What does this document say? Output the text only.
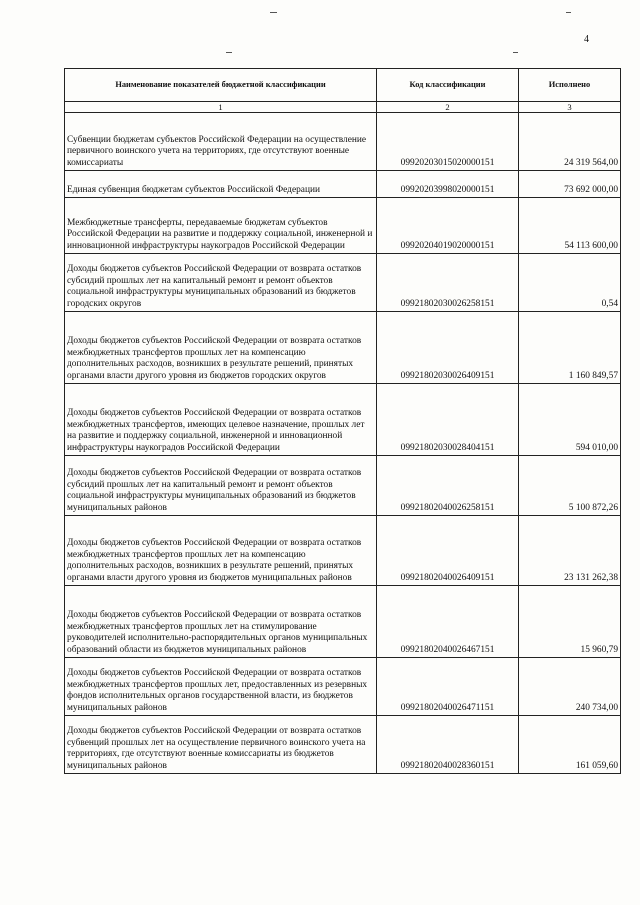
4
Наименование показателей бюджетной классификации	Код классификации	Исполнено
1	2	3
Субвенции бюджетам субъектов Российской Федерации на осуществление первичного воинского учета на территориях, где отсутствуют военные комиссариаты	09920203015020000151	24 319 564,00
Единая субвенция бюджетам субъектов Российской Федерации	09920203998020000151	73 692 000,00
Межбюджетные трансферты, передаваемые бюджетам субъектов Российской Федерации на развитие и поддержку социальной, инженерной и инновационной инфраструктуры наукоградов Российской Федерации	09920204019020000151	54 113 600,00
Доходы бюджетов субъектов Российской Федерации от возврата остатков субсидий прошлых лет на капитальный ремонт и ремонт объектов социальной инфраструктуры муниципальных образований из бюджетов городских округов	09921802030026258151	0,54
Доходы бюджетов субъектов Российской Федерации от возврата остатков межбюджетных трансфертов прошлых лет на компенсацию дополнительных расходов, возникших в результате решений, принятых органами власти другого уровня из бюджетов городских округов	09921802030026409151	1 160 849,57
Доходы бюджетов субъектов Российской Федерации от возврата остатков межбюджетных трансфертов, имеющих целевое назначение, прошлых лет на развитие и поддержку социальной, инженерной и инновационной инфраструктуры наукоградов Российской Федерации	09921802030028404151	594 010,00
Доходы бюджетов субъектов Российской Федерации от возврата остатков субсидий прошлых лет на капитальный ремонт и ремонт объектов социальной инфраструктуры муниципальных образований из бюджетов муниципальных районов	09921802040026258151	5 100 872,26
Доходы бюджетов субъектов Российской Федерации от возврата остатков межбюджетных трансфертов прошлых лет на компенсацию дополнительных расходов, возникших в результате решений, принятых органами власти другого уровня из бюджетов муниципальных районов	09921802040026409151	23 131 262,38
Доходы бюджетов субъектов Российской Федерации от возврата остатков межбюджетных трансфертов прошлых лет на стимулирование руководителей исполнительно-распорядительных органов муниципальных образований области из бюджетов муниципальных районов	09921802040026467151	15 960,79
Доходы бюджетов субъектов Российской Федерации от возврата остатков межбюджетных трансфертов прошлых лет, предоставленных из резервных фондов исполнительных органов государственной власти, из бюджетов муниципальных районов	09921802040026471151	240 734,00
Доходы бюджетов субъектов Российской Федерации от возврата остатков субвенций прошлых лет на осуществление первичного воинского учета на территориях, где отсутствуют военные комиссариаты из бюджетов муниципальных районов	09921802040028360151	161 059,60
